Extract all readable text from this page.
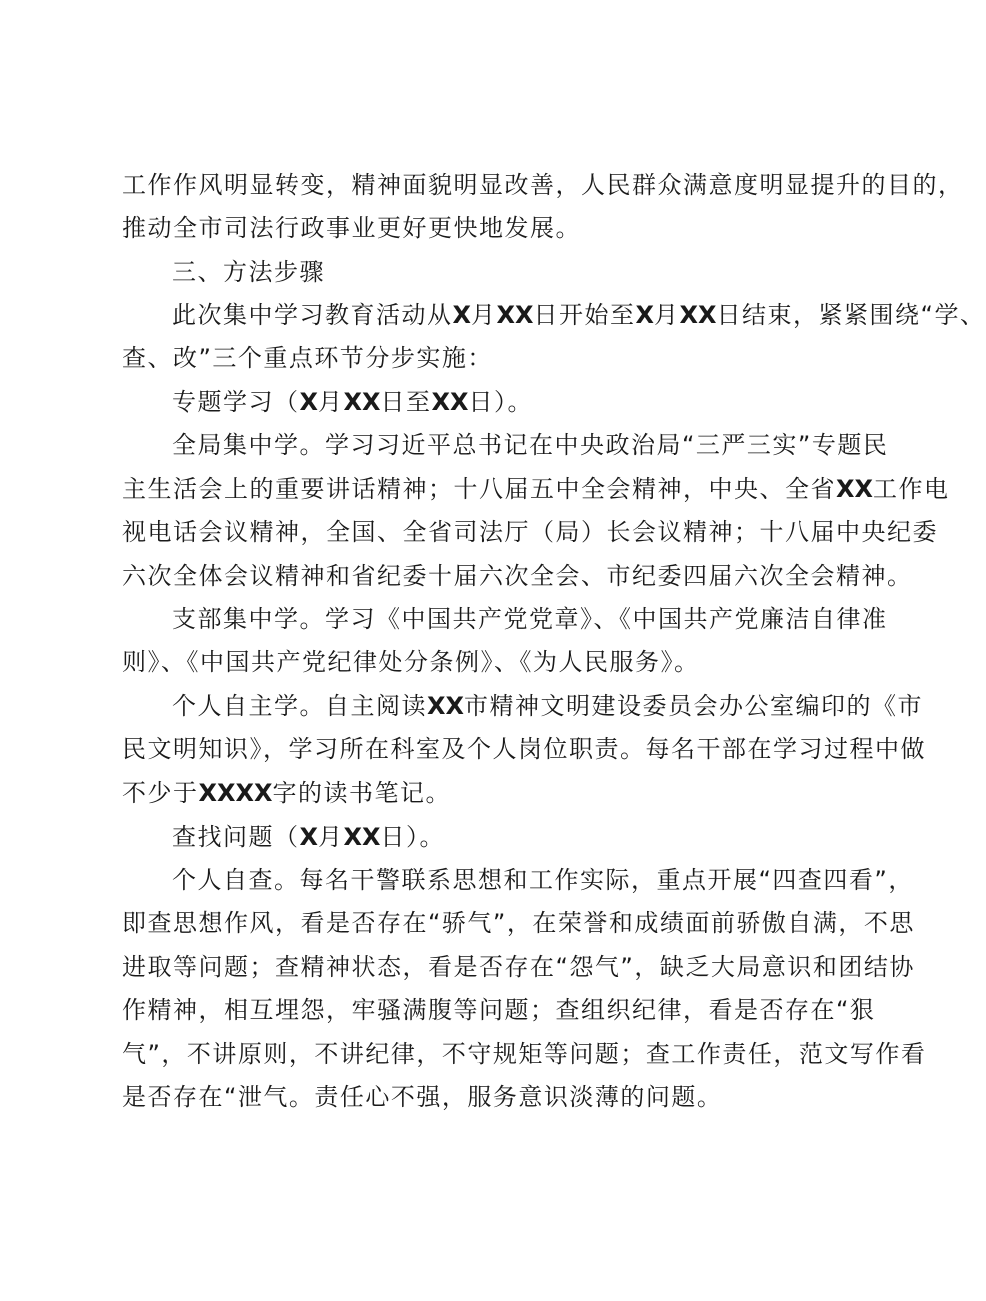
工作作风明显转变，精神面貌明显改善，人民群众满意度明显提升的目的，
推动全市司法行政事业更好更快地发展。
三、方法步骤
此次集中学习教育活动从X月XX日开始至X月XX日结束，紧紧围绕“学、
查、改”三个重点环节分步实施：
专题学习（X月XX日至XX日）。
全局集中学。学习习近平总书记在中央政治局“三严三实”专题民
主生活会上的重要讲话精神；十八届五中全会精神，中央、全省XX工作电
视电话会议精神，全国、全省司法厅（局）长会议精神；十八届中央纪委
六次全体会议精神和省纪委十届六次全会、市纪委四届六次全会精神。
支部集中学。学习《中国共产党党章》、《中国共产党廉洁自律准
则》、《中国共产党纪律处分条例》、《为人民服务》。
个人自主学。自主阅读XX市精神文明建设委员会办公室编印的《市
民文明知识》，学习所在科室及个人岗位职责。每名干部在学习过程中做
不少于XXXX字的读书笔记。
查找问题（X月XX日）。
个人自查。每名干警联系思想和工作实际，重点开展“四查四看”，
即查思想作风，看是否存在“骄气”，在荣誉和成绩面前骄傲自满，不思
进取等问题；查精神状态，看是否存在“怨气”，缺乏大局意识和团结协
作精神，相互埋怨，牢骚满腹等问题；查组织纪律，看是否存在“狠
气”，不讲原则，不讲纪律，不守规矩等问题；查工作责任，范文写作看
是否存在“泄气。责任心不强，服务意识淡薄的问题。
